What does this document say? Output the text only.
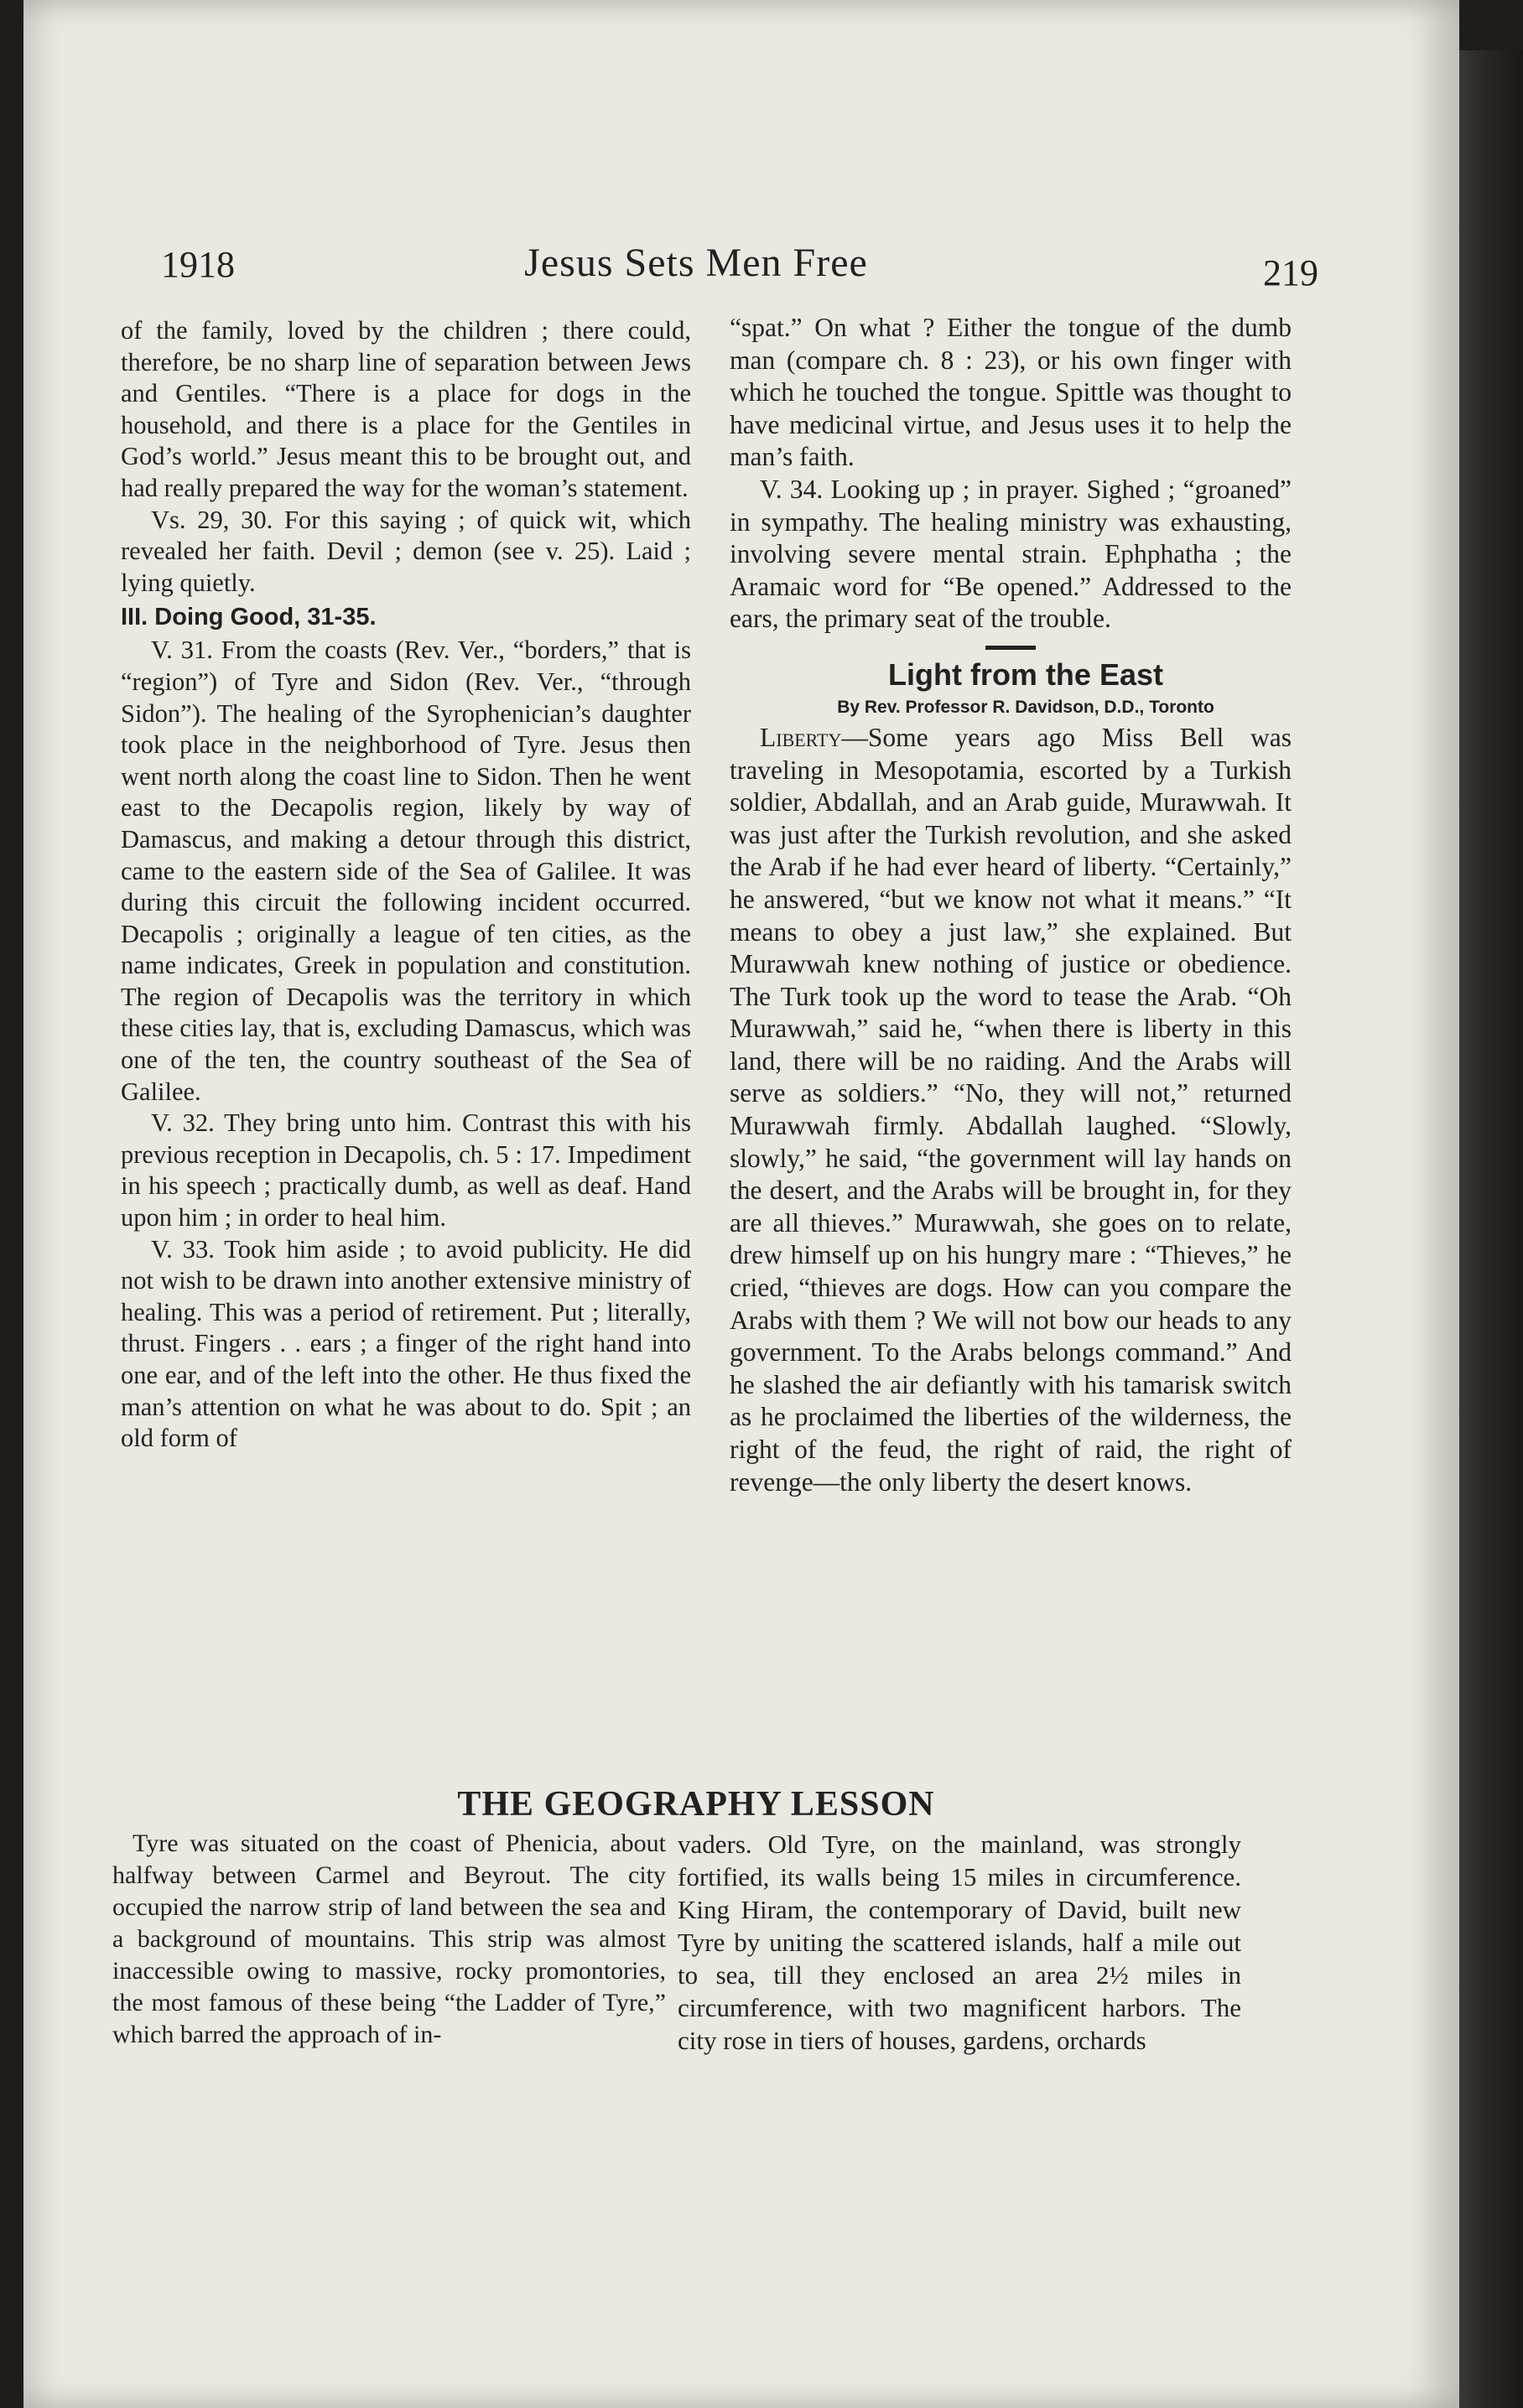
1918	Jesus Sets Men Free	219

of the family, loved by the children ; there could, therefore, be no sharp line of separation between Jews and Gentiles. “There is a place for dogs in the household, and there is a place for the Gentiles in God’s world.” Jesus meant this to be brought out, and had really prepared the way for the woman’s statement.

Vs. 29, 30. For this saying ; of quick wit, which revealed her faith. Devil ; demon (see v. 25). Laid ; lying quietly.

III. Doing Good, 31-35.

V. 31. From the coasts (Rev. Ver., “borders,” that is “region”) of Tyre and Sidon (Rev. Ver., “through Sidon”). The healing of the Syrophenician’s daughter took place in the neighborhood of Tyre. Jesus then went north along the coast line to Sidon. Then he went east to the Decapolis region, likely by way of Damascus, and making a detour through this district, came to the eastern side of the Sea of Galilee. It was during this circuit the following incident occurred. Decapolis ; originally a league of ten cities, as the name indicates, Greek in population and constitution. The region of Decapolis was the territory in which these cities lay, that is, excluding Damascus, which was one of the ten, the country southeast of the Sea of Galilee.

V. 32. They bring unto him. Contrast this with his previous reception in Decapolis, ch. 5 : 17. Impediment in his speech ; practically dumb, as well as deaf. Hand upon him ; in order to heal him.

V. 33. Took him aside ; to avoid publicity. He did not wish to be drawn into another extensive ministry of healing. This was a period of retirement. Put ; literally, thrust. Fingers . . ears ; a finger of the right hand into one ear, and of the left into the other. He thus fixed the man’s attention on what he was about to do. Spit ; an old form of

“spat.” On what ? Either the tongue of the dumb man (compare ch. 8 : 23), or his own finger with which he touched the tongue. Spittle was thought to have medicinal virtue, and Jesus uses it to help the man’s faith.

V. 34. Looking up ; in prayer. Sighed ; “groaned” in sympathy. The healing ministry was exhausting, involving severe mental strain. Ephphatha ; the Aramaic word for “Be opened.” Addressed to the ears, the primary seat of the trouble.

Light from the East

By Rev. Professor R. Davidson, D.D., Toronto

Liberty—Some years ago Miss Bell was traveling in Mesopotamia, escorted by a Turkish soldier, Abdallah, and an Arab guide, Murawwah. It was just after the Turkish revolution, and she asked the Arab if he had ever heard of liberty. “Certainly,” he answered, “but we know not what it means.” “It means to obey a just law,” she explained. But Murawwah knew nothing of justice or obedience. The Turk took up the word to tease the Arab. “Oh Murawwah,” said he, “when there is liberty in this land, there will be no raiding. And the Arabs will serve as soldiers.” “No, they will not,” returned Murawwah firmly. Abdallah laughed. “Slowly, slowly,” he said, “the government will lay hands on the desert, and the Arabs will be brought in, for they are all thieves.” Murawwah, she goes on to relate, drew himself up on his hungry mare : “Thieves,” he cried, “thieves are dogs. How can you compare the Arabs with them ? We will not bow our heads to any government. To the Arabs belongs command.” And he slashed the air defiantly with his tamarisk switch as he proclaimed the liberties of the wilderness, the right of the feud, the right of raid, the right of revenge—the only liberty the desert knows.

THE GEOGRAPHY LESSON

Tyre was situated on the coast of Phenicia, about halfway between Carmel and Beyrout. The city occupied the narrow strip of land between the sea and a background of mountains. This strip was almost inaccessible owing to massive, rocky promontories, the most famous of these being “the Ladder of Tyre,” which barred the approach of in-

vaders. Old Tyre, on the mainland, was strongly fortified, its walls being 15 miles in circumference. King Hiram, the contemporary of David, built new Tyre by uniting the scattered islands, half a mile out to sea, till they enclosed an area 2½ miles in circumference, with two magnificent harbors. The city rose in tiers of houses, gardens, orchards
